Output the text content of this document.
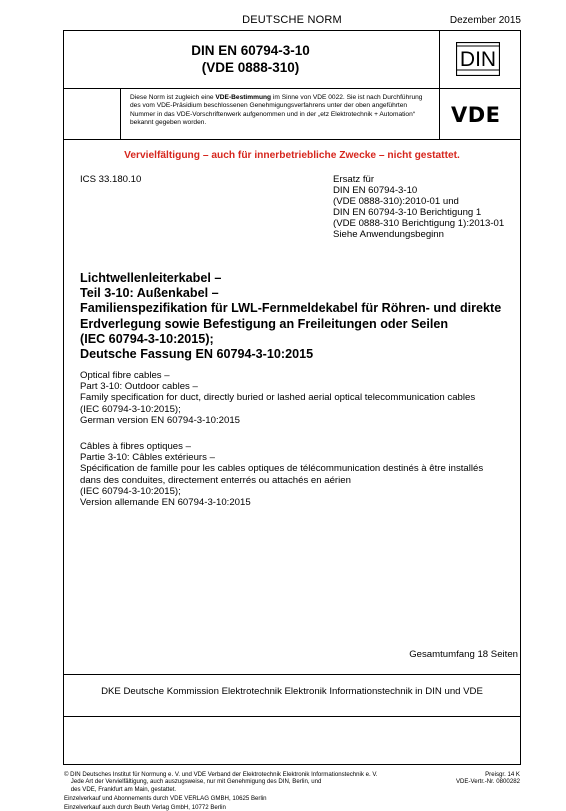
DEUTSCHE NORM	Dezember 2015
DIN EN 60794-3-10
(VDE 0888-310)	DIN
VDE
Diese Norm ist zugleich eine VDE-Bestimmung im Sinne von VDE 0022. Sie ist nach Durchführung des vom VDE-Präsidium beschlossenen Genehmigungsverfahrens unter der oben angeführten Nummer in das VDE-Vorschriftenwerk aufgenommen und in der „etz Elektrotechnik + Automation“ bekannt gegeben worden.
Vervielfältigung – auch für innerbetriebliche Zwecke – nicht gestattet.
ICS 33.180.10	Ersatz für
DIN EN 60794-3-10
(VDE 0888-310):2010-01 und
DIN EN 60794-3-10 Berichtigung 1
(VDE 0888-310 Berichtigung 1):2013-01
Siehe Anwendungsbeginn
Lichtwellenleiterkabel –
Teil 3-10: Außenkabel –
Familienspezifikation für LWL-Fernmeldekabel für Röhren- und direkte
Erdverlegung sowie Befestigung an Freileitungen oder Seilen
(IEC 60794-3-10:2015);
Deutsche Fassung EN 60794-3-10:2015
Optical fibre cables –
Part 3-10: Outdoor cables –
Family specification for duct, directly buried or lashed aerial optical telecommunication cables
(IEC 60794-3-10:2015);
German version EN 60794-3-10:2015
Câbles à fibres optiques –
Partie 3-10: Câbles extérieurs –
Spécification de famille pour les cables optiques de télécommunication destinés à être installés
dans des conduites, directement enterrés ou attachés en aérien
(IEC 60794-3-10:2015);
Version allemande EN 60794-3-10:2015
Gesamtumfang 18 Seiten
DKE Deutsche Kommission Elektrotechnik Elektronik Informationstechnik in DIN und VDE
© DIN Deutsches Institut für Normung e. V. und VDE Verband der Elektrotechnik Elektronik Informationstechnik e. V.
Jede Art der Vervielfältigung, auch auszugsweise, nur mit Genehmigung des DIN, Berlin, und
des VDE, Frankfurt am Main, gestattet.
Einzelverkauf und Abonnements durch VDE VERLAG GMBH, 10625 Berlin
Einzelverkauf auch durch Beuth Verlag GmbH, 10772 Berlin
Preisgr. 14 K
VDE-Vertr.-Nr. 0800282
